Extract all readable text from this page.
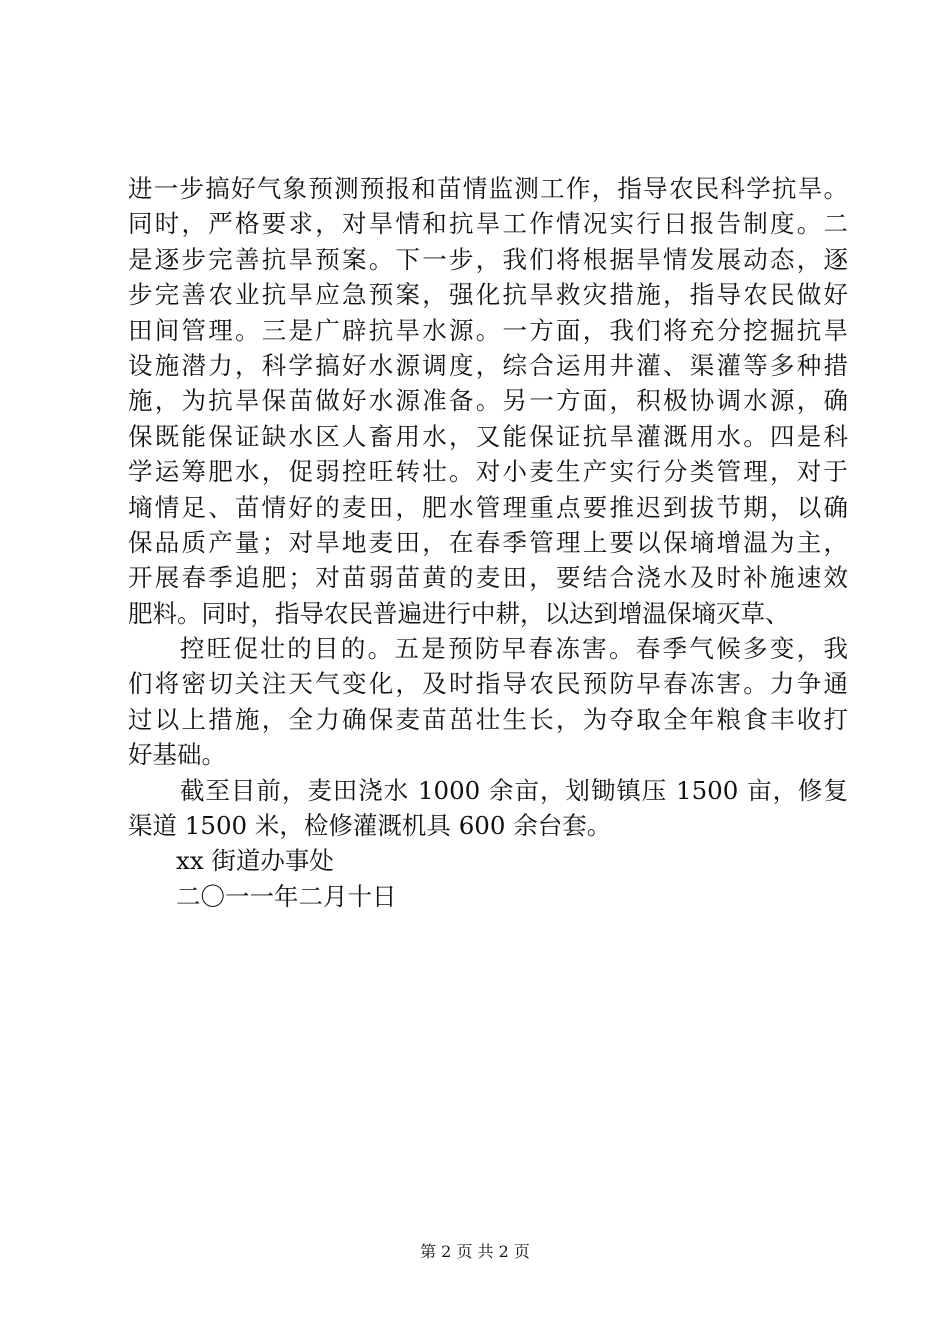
进一步搞好气象预测预报和苗情监测工作，指导农民科学抗旱。
同时，严格要求，对旱情和抗旱工作情况实行日报告制度。二
是逐步完善抗旱预案。下一步，我们将根据旱情发展动态，逐
步完善农业抗旱应急预案，强化抗旱救灾措施，指导农民做好
田间管理。三是广辟抗旱水源。一方面，我们将充分挖掘抗旱
设施潜力，科学搞好水源调度，综合运用井灌、渠灌等多种措
施，为抗旱保苗做好水源准备。另一方面，积极协调水源，确
保既能保证缺水区人畜用水，又能保证抗旱灌溉用水。四是科
学运筹肥水，促弱控旺转壮。对小麦生产实行分类管理，对于
墒情足、苗情好的麦田，肥水管理重点要推迟到拔节期，以确
保品质产量；对旱地麦田，在春季管理上要以保墒增温为主，
开展春季追肥；对苗弱苗黄的麦田，要结合浇水及时补施速效
肥料。同时，指导农民普遍进行中耕，以达到增温保墒灭草、
控旺促壮的目的。五是预防早春冻害。春季气候多变，我
们将密切关注天气变化，及时指导农民预防早春冻害。力争通
过以上措施，全力确保麦苗茁壮生长，为夺取全年粮食丰收打
好基础。
截至目前，麦田浇水 1000 余亩，划锄镇压 1500 亩，修复
渠道 1500 米，检修灌溉机具 600 余台套。
xx 街道办事处
二〇一一年二月十日
第 2 页 共 2 页
